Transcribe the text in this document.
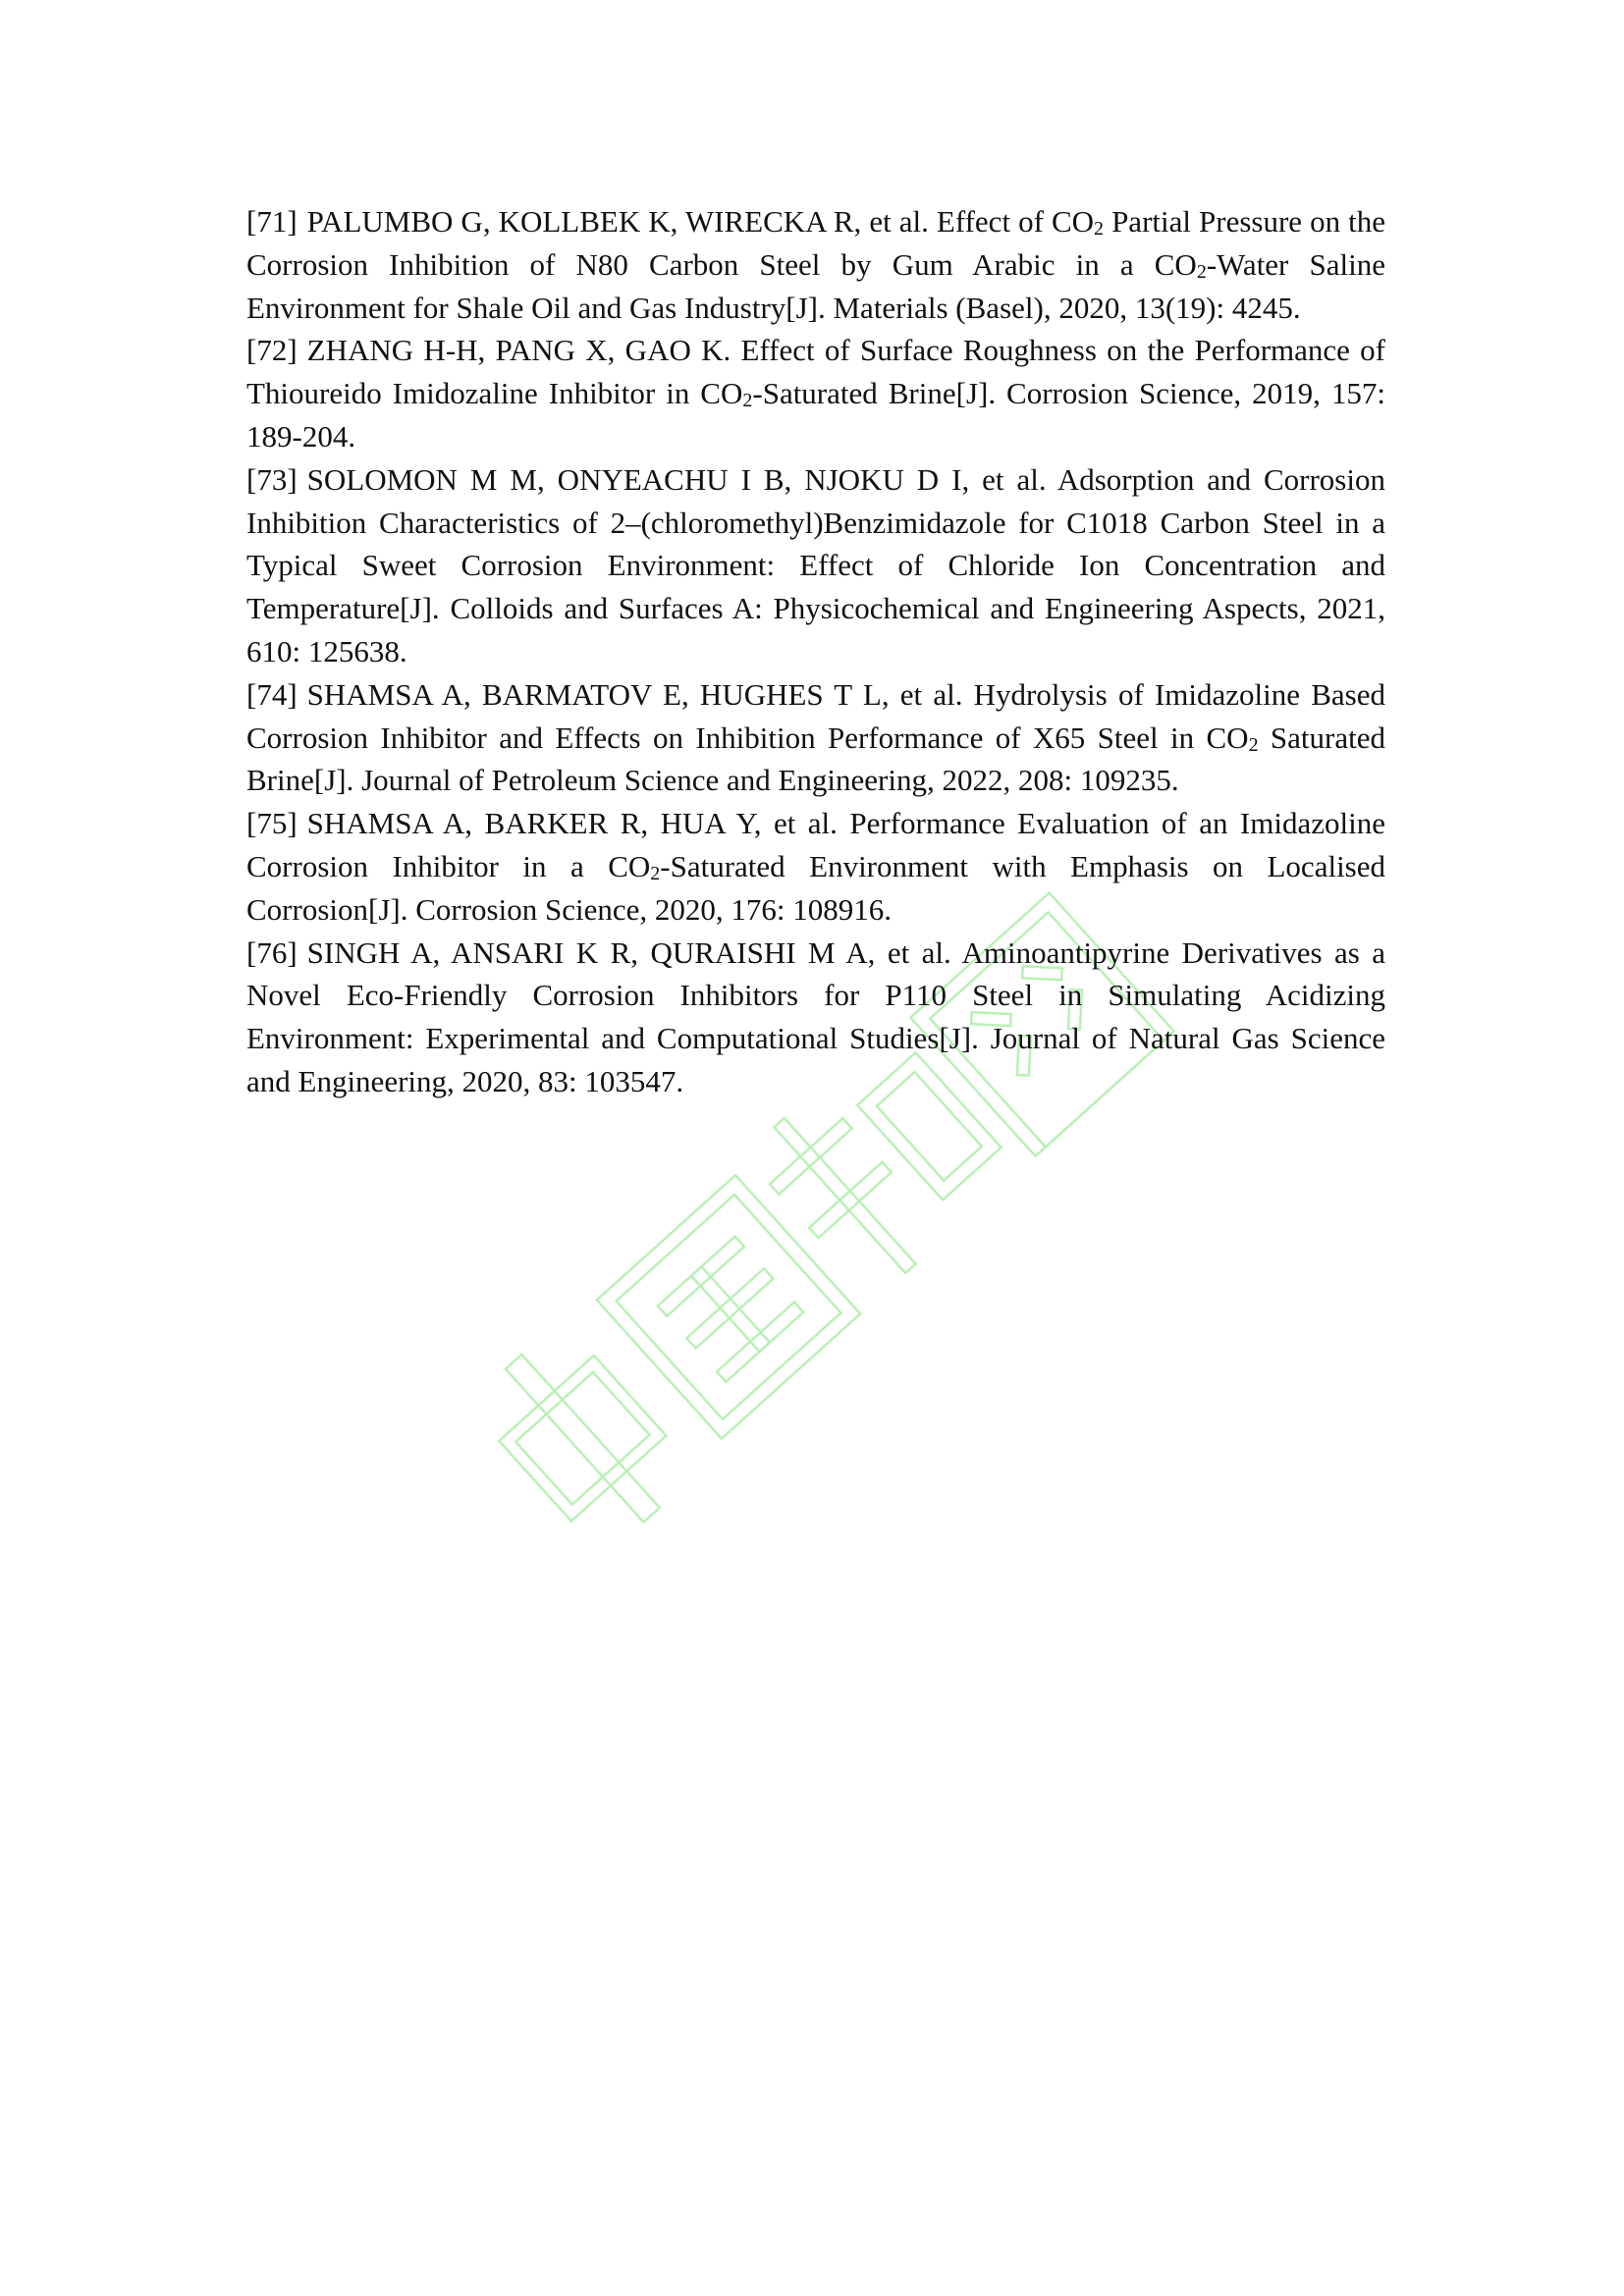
[71] PALUMBO G, KOLLBEK K, WIRECKA R, et al. Effect of $CO_2$ Partial Pressure on the Corrosion Inhibition of N80 Carbon Steel by Gum Arabic in a $CO_2$-Water Saline Environment for Shale Oil and Gas Industry[J]. Materials (Basel), 2020, 13(19): 4245.
[72] ZHANG H-H, PANG X, GAO K. Effect of Surface Roughness on the Performance of Thioureido Imidozaline Inhibitor in $CO_2$-Saturated Brine[J]. Corrosion Science, 2019, 157: 189-204.
[73] SOLOMON M M, ONYEACHU I B, NJOKU D I, et al. Adsorption and Corrosion Inhibition Characteristics of 2–(chloromethyl)Benzimidazole for C1018 Carbon Steel in a Typical Sweet Corrosion Environment: Effect of Chloride Ion Concentration and Temperature[J]. Colloids and Surfaces A: Physicochemical and Engineering Aspects, 2021, 610: 125638.
[74] SHAMSA A, BARMATOV E, HUGHES T L, et al. Hydrolysis of Imidazoline Based Corrosion Inhibitor and Effects on Inhibition Performance of X65 Steel in $CO_2$ Saturated Brine[J]. Journal of Petroleum Science and Engineering, 2022, 208: 109235.
[75] SHAMSA A, BARKER R, HUA Y, et al. Performance Evaluation of an Imidazoline Corrosion Inhibitor in a $CO_2$-Saturated Environment with Emphasis on Localised Corrosion[J]. Corrosion Science, 2020, 176: 108916.
[76] SINGH A, ANSARI K R, QURAISHI M A, et al. Aminoantipyrine Derivatives as a Novel Eco-Friendly Corrosion Inhibitors for P110 Steel in Simulating Acidizing Environment: Experimental and Computational Studies[J]. Journal of Natural Gas Science and Engineering, 2020, 83: 103547.
